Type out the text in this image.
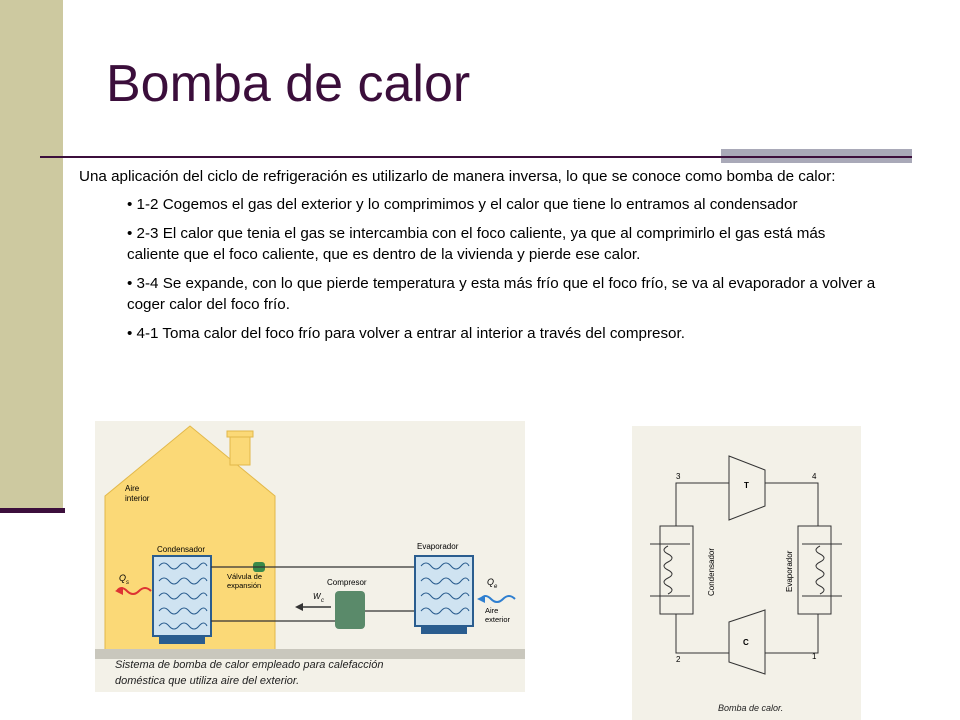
Bomba de calor

Una aplicación del ciclo de refrigeración es utilizarlo de manera inversa, lo que se conoce como bomba de calor:

• 1-2 Cogemos el gas del exterior y lo comprimimos y el calor que tiene lo entramos al condensador
• 2-3 El calor que tenia el gas se intercambia con el foco caliente, ya que al comprimirlo el gas está más caliente que el foco caliente, que es dentro de la vivienda y pierde ese calor.
• 3-4 Se expande, con lo que pierde temperatura y esta más frío que el foco frío, se va al evaporador a volver a coger calor del foco frío.
• 4-1 Toma calor del foco frío para volver a entrar al interior a través del compresor.
Aire
interior
Condensador
Q s
Válvula de
expansión	Compresor
W c
Evaporador
Q e
Aire
exterior
Sistema de bomba de calor empleado para calefacción
doméstica que utiliza aire del exterior.
T
C
Condensador	Evaporador
3	4
2	1
Bomba de calor.
